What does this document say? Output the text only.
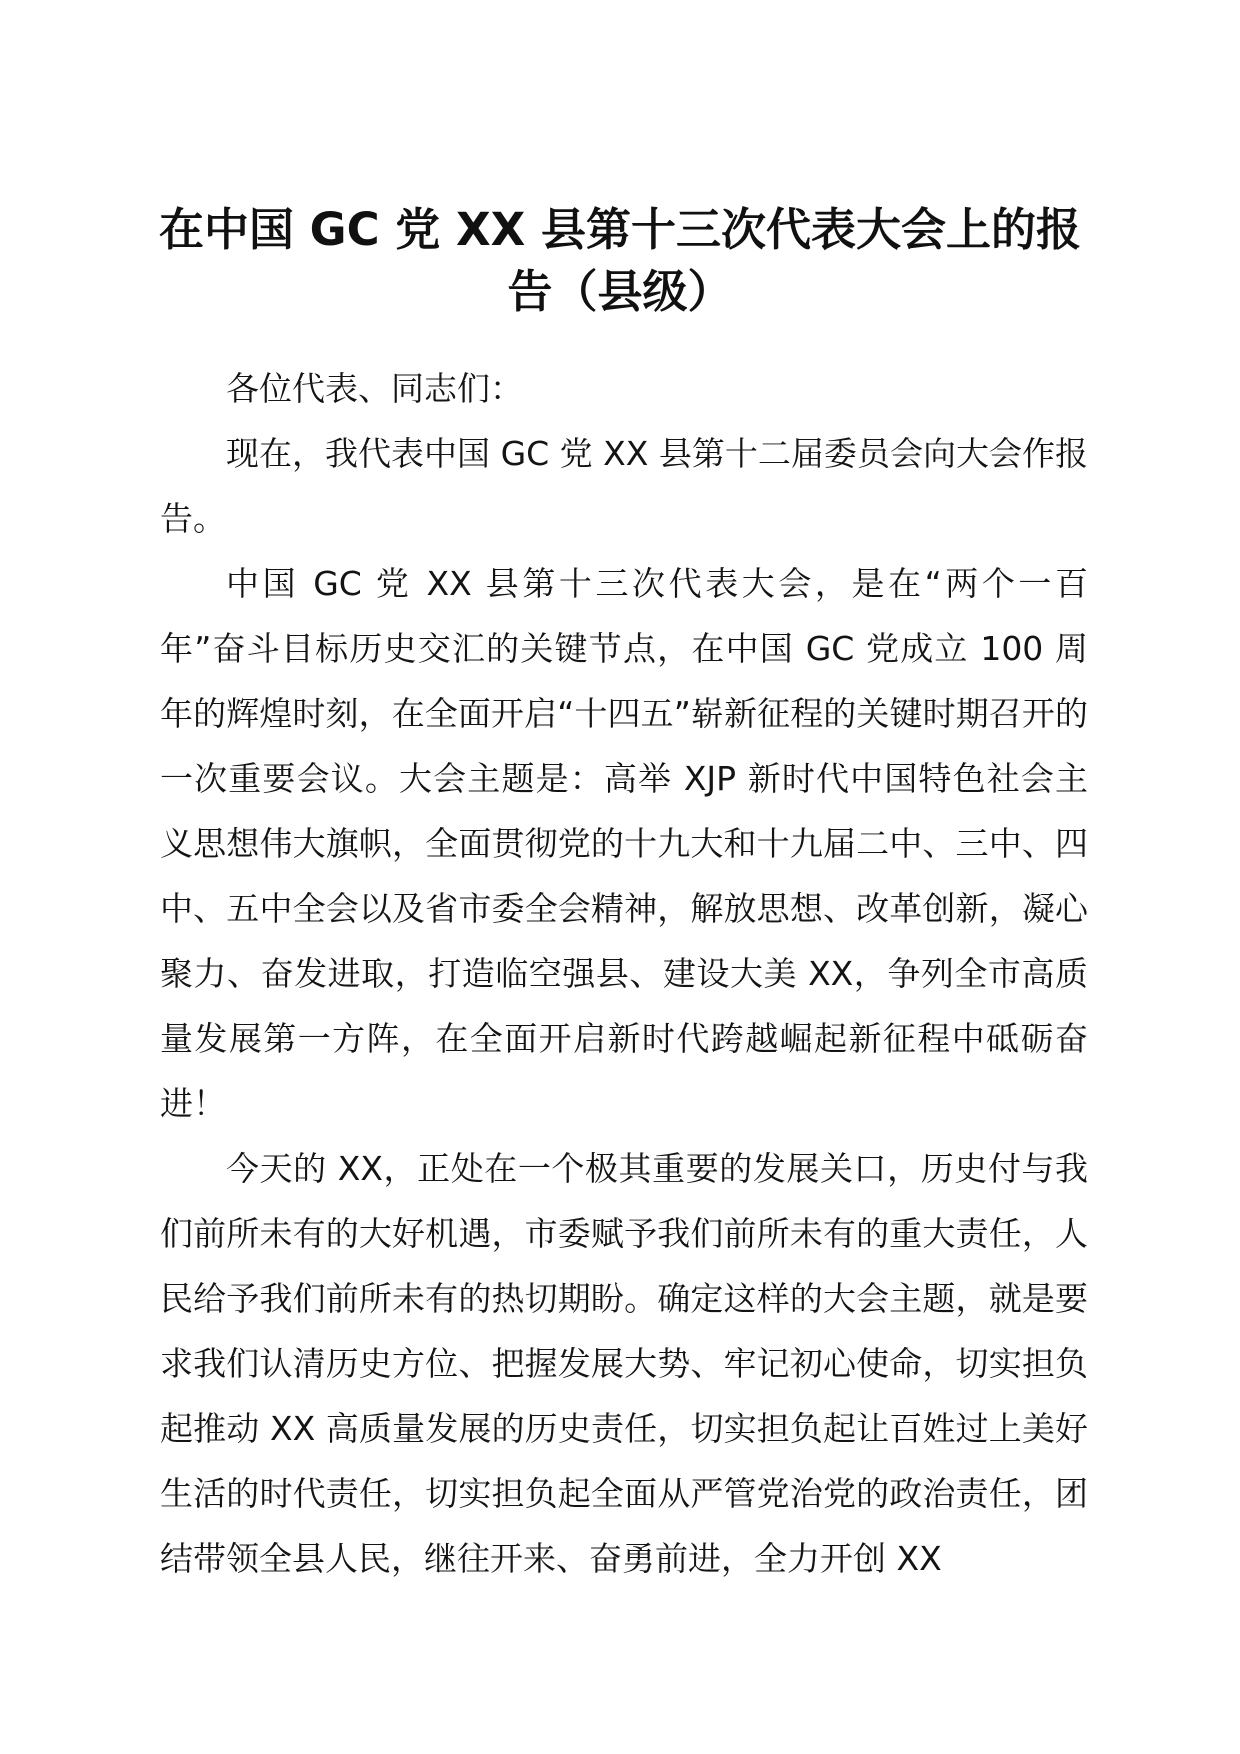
在中国 GC 党 XX 县第十三次代表大会上的报
告（县级）

各位代表、同志们：

现在，我代表中国 GC 党 XX 县第十二届委员会向大会作报告。

中国 GC 党 XX 县第十三次代表大会，是在“两个一百年”奋斗目标历史交汇的关键节点，在中国 GC 党成立 100 周年的辉煌时刻，在全面开启“十四五”崭新征程的关键时期召开的一次重要会议。大会主题是：高举 XJP 新时代中国特色社会主义思想伟大旗帜，全面贯彻党的十九大和十九届二中、三中、四中、五中全会以及省市委全会精神，解放思想、改革创新，凝心聚力、奋发进取，打造临空强县、建设大美 XX，争列全市高质量发展第一方阵，在全面开启新时代跨越崛起新征程中砥砺奋进！

今天的 XX，正处在一个极其重要的发展关口，历史付与我们前所未有的大好机遇，市委赋予我们前所未有的重大责任，人民给予我们前所未有的热切期盼。确定这样的大会主题，就是要求我们认清历史方位、把握发展大势、牢记初心使命，切实担负起推动 XX 高质量发展的历史责任，切实担负起让百姓过上美好生活的时代责任，切实担负起全面从严管党治党的政治责任，团结带领全县人民，继往开来、奋勇前进，全力开创 XX
